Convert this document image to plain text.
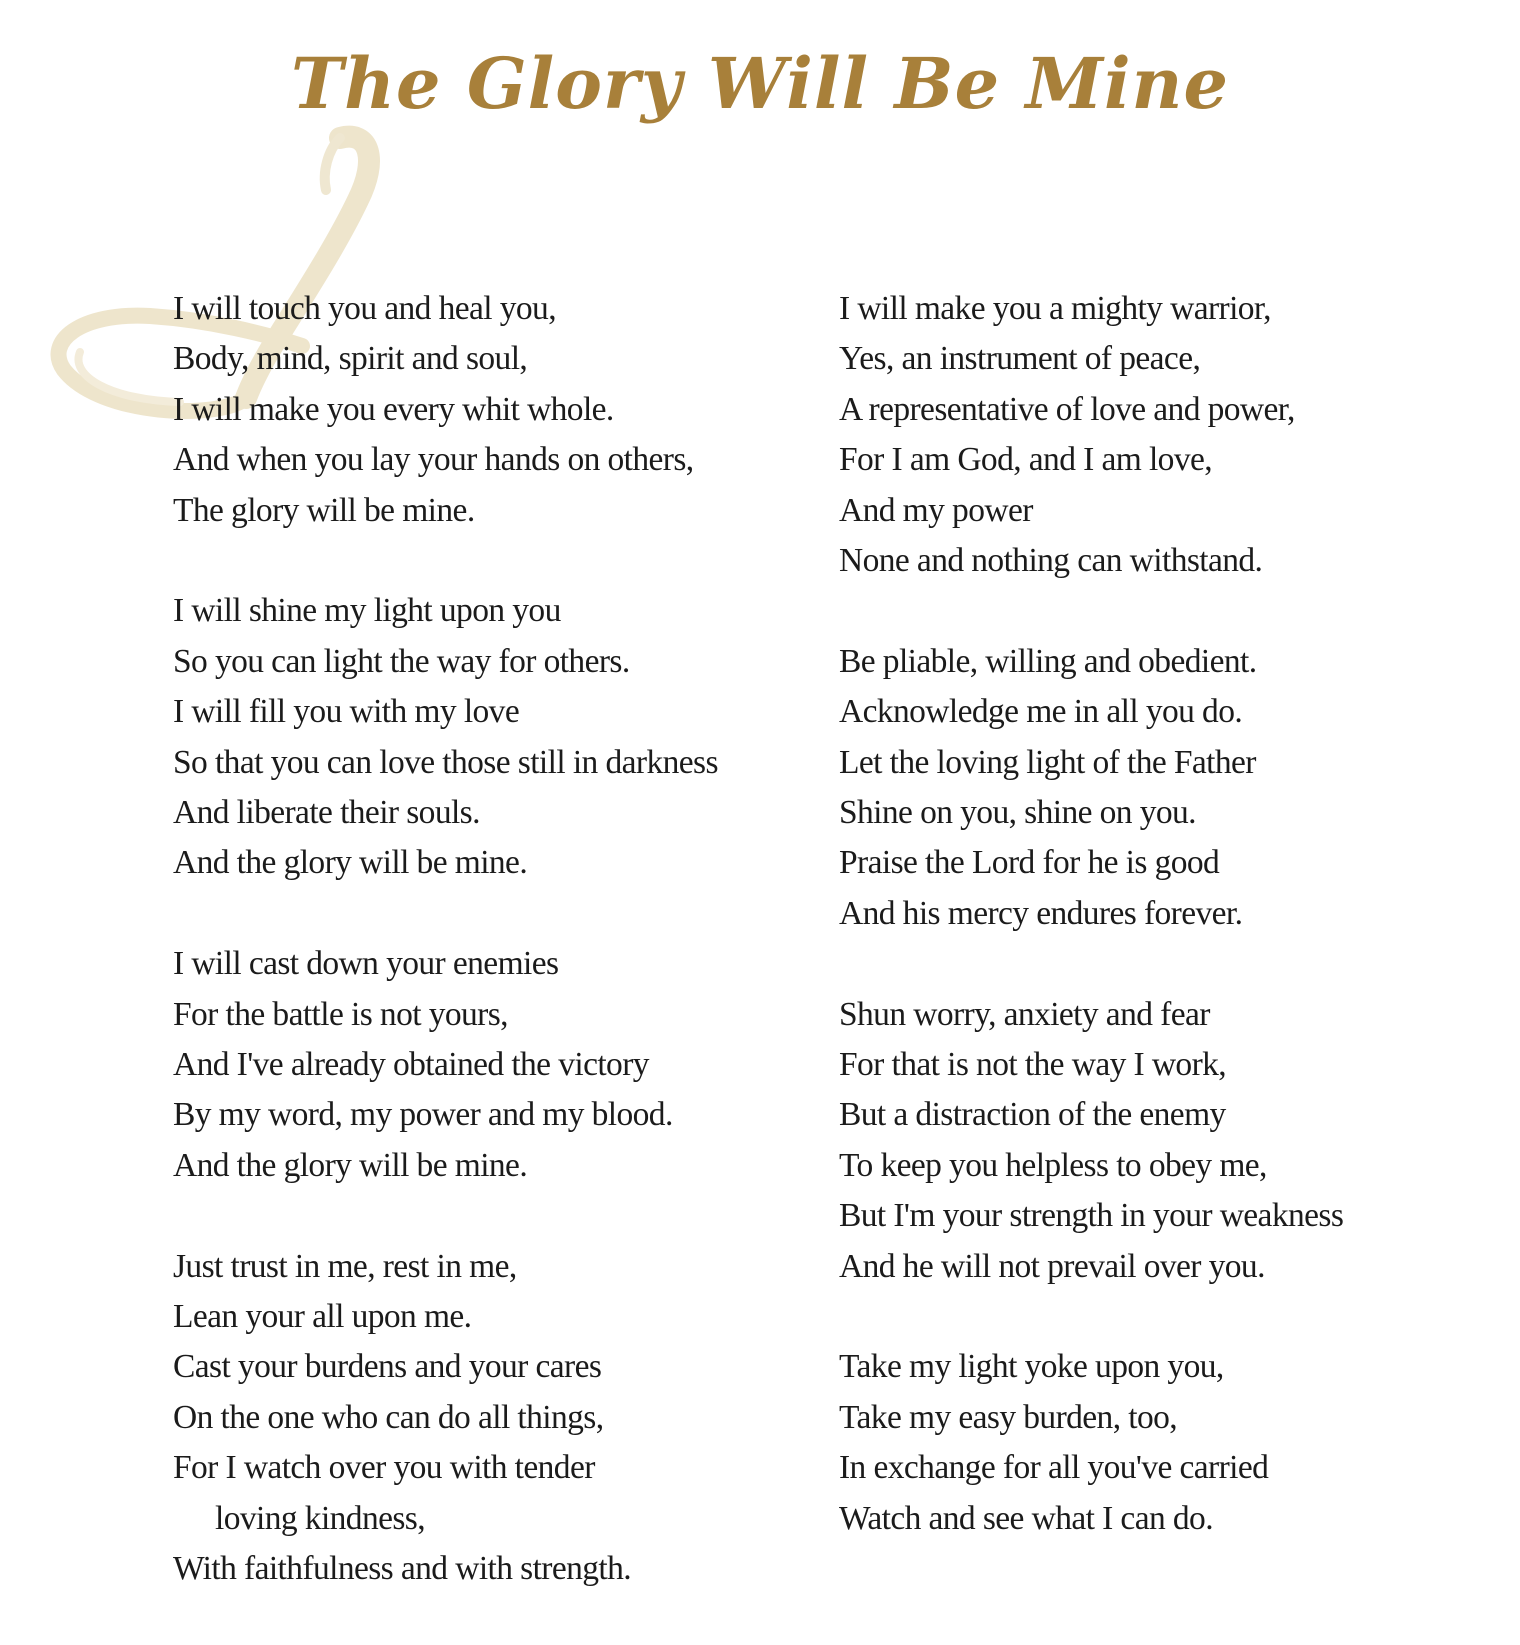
The Glory Will Be Mine
I will touch you and heal you,
Body, mind, spirit and soul,
I will make you every whit whole.
And when you lay your hands on others,
The glory will be mine.
I will shine my light upon you
So you can light the way for others.
I will fill you with my love
So that you can love those still in darkness
And liberate their souls.
And the glory will be mine.
I will cast down your enemies
For the battle is not yours,
And I've already obtained the victory
By my word, my power and my blood.
And the glory will be mine.
Just trust in me, rest in me,
Lean your all upon me.
Cast your burdens and your cares
On the one who can do all things,
For I watch over you with tender
loving kindness,
With faithfulness and with strength.
I will make you a mighty warrior,
Yes, an instrument of peace,
A representative of love and power,
For I am God, and I am love,
And my power
None and nothing can withstand.
Be pliable, willing and obedient.
Acknowledge me in all you do.
Let the loving light of the Father
Shine on you, shine on you.
Praise the Lord for he is good
And his mercy endures forever.
Shun worry, anxiety and fear
For that is not the way I work,
But a distraction of the enemy
To keep you helpless to obey me,
But I'm your strength in your weakness
And he will not prevail over you.
Take my light yoke upon you,
Take my easy burden, too,
In exchange for all you've carried
Watch and see what I can do.
